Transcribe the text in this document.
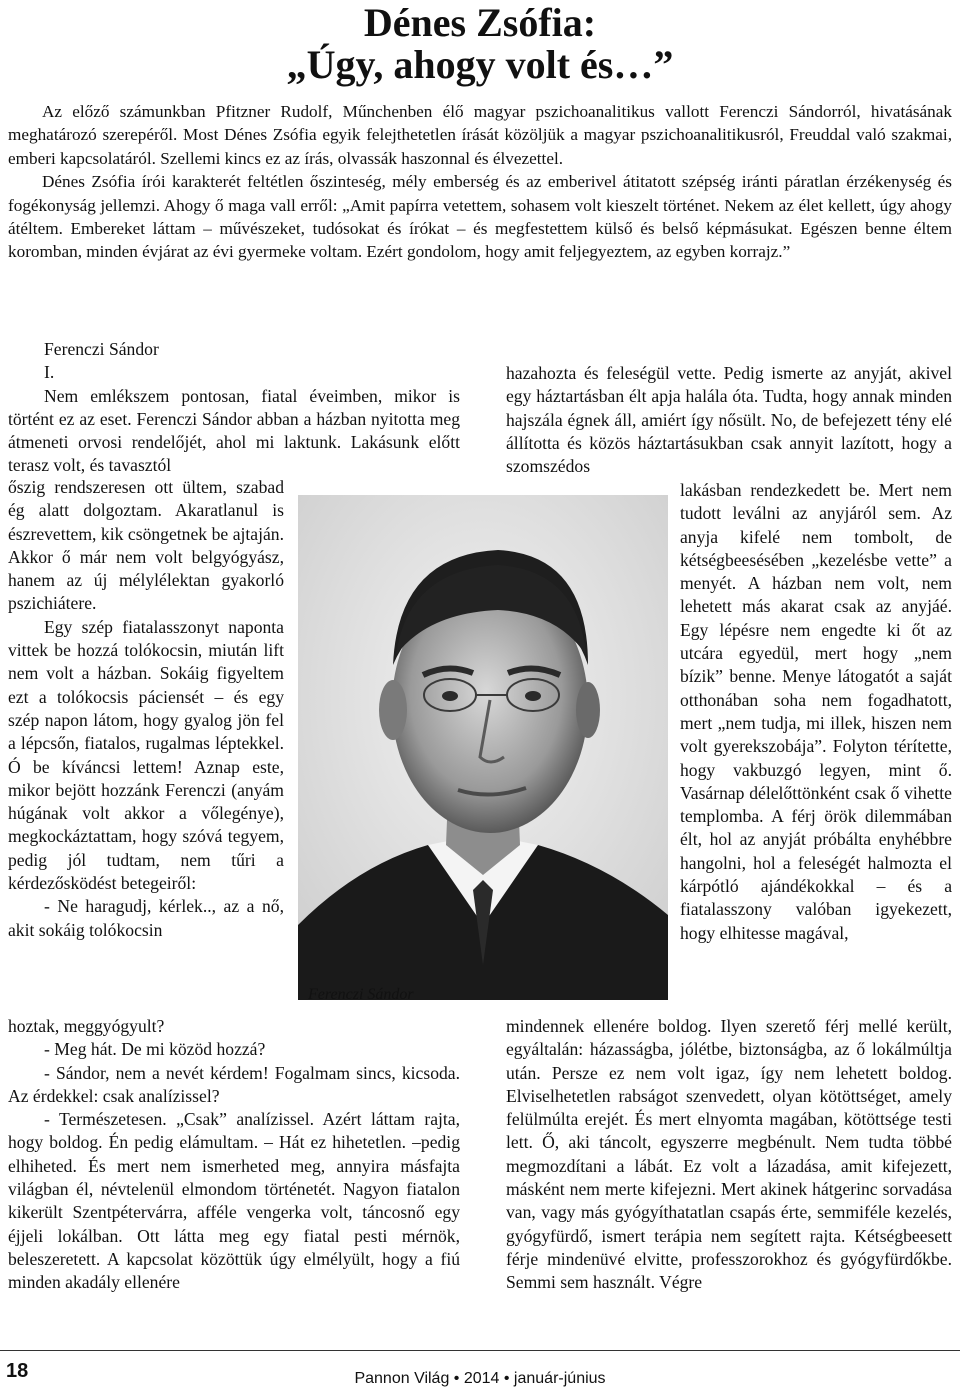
Dénes Zsófia:
„Úgy, ahogy volt és…”

Az előző számunkban Pfitzner Rudolf, Műnchenben élő magyar pszichoanalitikus vallott Ferenczi Sándorról, hivatásának meghatározó szerepéről. Most Dénes Zsófia egyik felejthetetlen írását közöljük a magyar pszichoanalitikusról, Freuddal való szakmai, emberi kapcsolatáról. Szellemi kincs ez az írás, olvassák haszonnal és élvezettel.

Dénes Zsófia írói karakterét feltétlen őszinteség, mély emberség és az emberivel átitatott szépség iránti páratlan érzékenység és fogékonyság jellemzi. Ahogy ő maga vall erről: „Amit papírra vetettem, sohasem volt kieszelt történet. Nekem az élet kellett, úgy ahogy átéltem. Embereket láttam – művészeket, tudósokat és írókat – és megfestettem külső és belső képmásukat. Egészen benne éltem koromban, minden évjárat az évi gyermeke voltam. Ezért gondolom, hogy amit feljegyeztem, az egyben korrajz.”

Ferenczi Sándor

I.

Nem emlékszem pontosan, fiatal éveimben, mikor is történt ez az eset. Ferenczi Sándor abban a házban nyitotta meg átmeneti orvosi rendelőjét, ahol mi laktunk. Lakásunk előtt terasz volt, és tavasztól

őszig rendszeresen ott ültem, szabad ég alatt dolgoztam. Akaratlanul is észrevettem, kik csöngetnek be ajtaján. Akkor ő már nem volt belgyógyász, hanem az új mélylélektan gyakorló pszichiátere.

Egy szép fiatalasszonyt naponta vittek be hozzá tolókocsin, miután lift nem volt a házban. Sokáig figyeltem ezt a tolókocsis páciensét – és egy szép napon látom, hogy gyalog jön fel a lépcsőn, fiatalos, rugalmas léptekkel. Ó be kíváncsi lettem! Aznap este, mikor bejött hozzánk Ferenczi (anyám húgának volt akkor a vőlegénye), megkockáztattam, hogy szóvá tegyem, pedig jól tudtam, nem tűri a kérdezősködést betegeiről:

- Ne haragudj, kérlek.., az a nő, akit sokáig tolókocsin

hoztak, meggyógyult?

- Meg hát. De mi közöd hozzá?

- Sándor, nem a nevét kérdem! Fogalmam sincs, kicsoda. Az érdekkel: csak analízissel?

- Természetesen. „Csak” analízissel. Azért láttam rajta, hogy boldog. Én pedig elámultam. – Hát ez hihetetlen. –pedig elhiheted. És mert nem ismerheted meg, annyira másfajta világban él, névtelenül elmondom történetét. Nagyon fiatalon kikerült Szentpétervárra, afféle vengerka volt, táncosnő egy éjjeli lokálban. Ott látta meg egy fiatal pesti mérnök, beleszeretett. A kapcsolat közöttük úgy elmélyült, hogy a fiú minden akadály ellenére

hazahozta és feleségül vette. Pedig ismerte az anyját, akivel egy háztartásban élt apja halála óta. Tudta, hogy annak minden hajszála égnek áll, amiért így nősült. No, de befejezett tény elé állította és közös háztartásukban csak annyit lazított, hogy a szomszédos

lakásban rendezkedett be. Mert nem tudott leválni az anyjáról sem. Az anyja kifelé nem tombolt, de kétségbeesésében „kezelésbe vette” a menyét. A házban nem volt, nem lehetett más akarat csak az anyjáé. Egy lépésre nem engedte ki őt az utcára egyedül, mert hogy „nem bízik” benne. Menye látogatót a saját otthonában soha nem fogadhatott, mert „nem tudja, mi illek, hiszen nem volt gyerekszobája”. Folyton térítette, hogy vakbuzgó legyen, mint ő. Vasárnap délelőttönként csak ő vihette templomba. A férj örök dilemmában élt, hol az anyját próbálta enyhébbre hangolni, hol a feleségét halmozta el kárpótló ajándékokkal – és a fiatalasszony valóban igyekezett, hogy elhitesse magával,

mindennek ellenére boldog. Ilyen szerető férj mellé került, egyáltalán: házasságba, jólétbe, biztonságba, az ő lokálmúltja után. Persze ez nem volt igaz, így nem lehetett boldog. Elviselhetetlen rabságot szenvedett, olyan kötöttséget, amely felülmúlta erejét. És mert elnyomta magában, kötöttsége testi lett. Ő, aki táncolt, egyszerre megbénult. Nem tudta többé megmozdítani a lábát. Ez volt a lázadása, amit kifejezett, másként nem merte kifejezni. Mert akinek hátgerinc sorvadása van, vagy más gyógyíthatatlan csapás érte, semmiféle kezelés, gyógyfürdő, ismert terápia nem segített rajta. Kétségbeesett férje mindenüvé elvitte, professzorokhoz és gyógyfürdőkbe. Semmi sem használt. Végre

Ferenczi Sándor
18	Pannon Világ • 2014 • január-június
